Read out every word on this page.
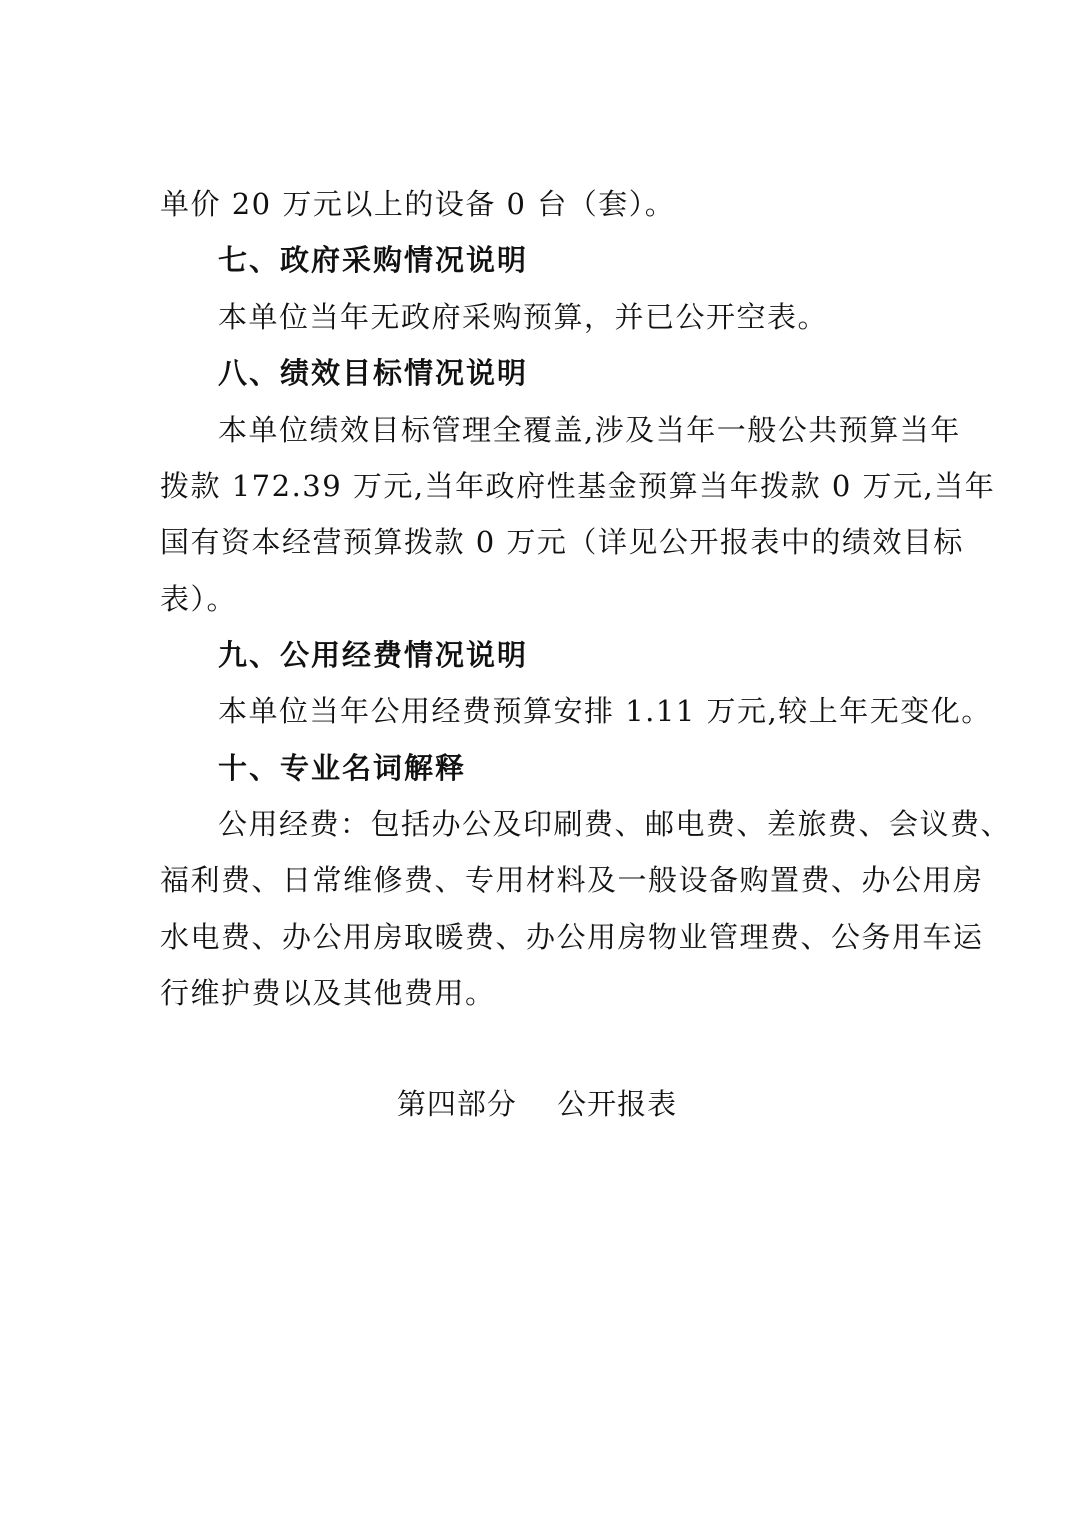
单价 20 万元以上的设备 0 台（套）。
七、政府采购情况说明
本单位当年无政府采购预算，并已公开空表。
八、绩效目标情况说明
本单位绩效目标管理全覆盖,涉及当年一般公共预算当年
拨款 172.39 万元,当年政府性基金预算当年拨款 0 万元,当年
国有资本经营预算拨款 0 万元（详见公开报表中的绩效目标
表）。
九、公用经费情况说明
本单位当年公用经费预算安排 1.11 万元,较上年无变化。
十、专业名词解释
公用经费：包括办公及印刷费、邮电费、差旅费、会议费、
福利费、日常维修费、专用材料及一般设备购置费、办公用房
水电费、办公用房取暖费、办公用房物业管理费、公务用车运
行维护费以及其他费用。
第四部分　 公开报表
